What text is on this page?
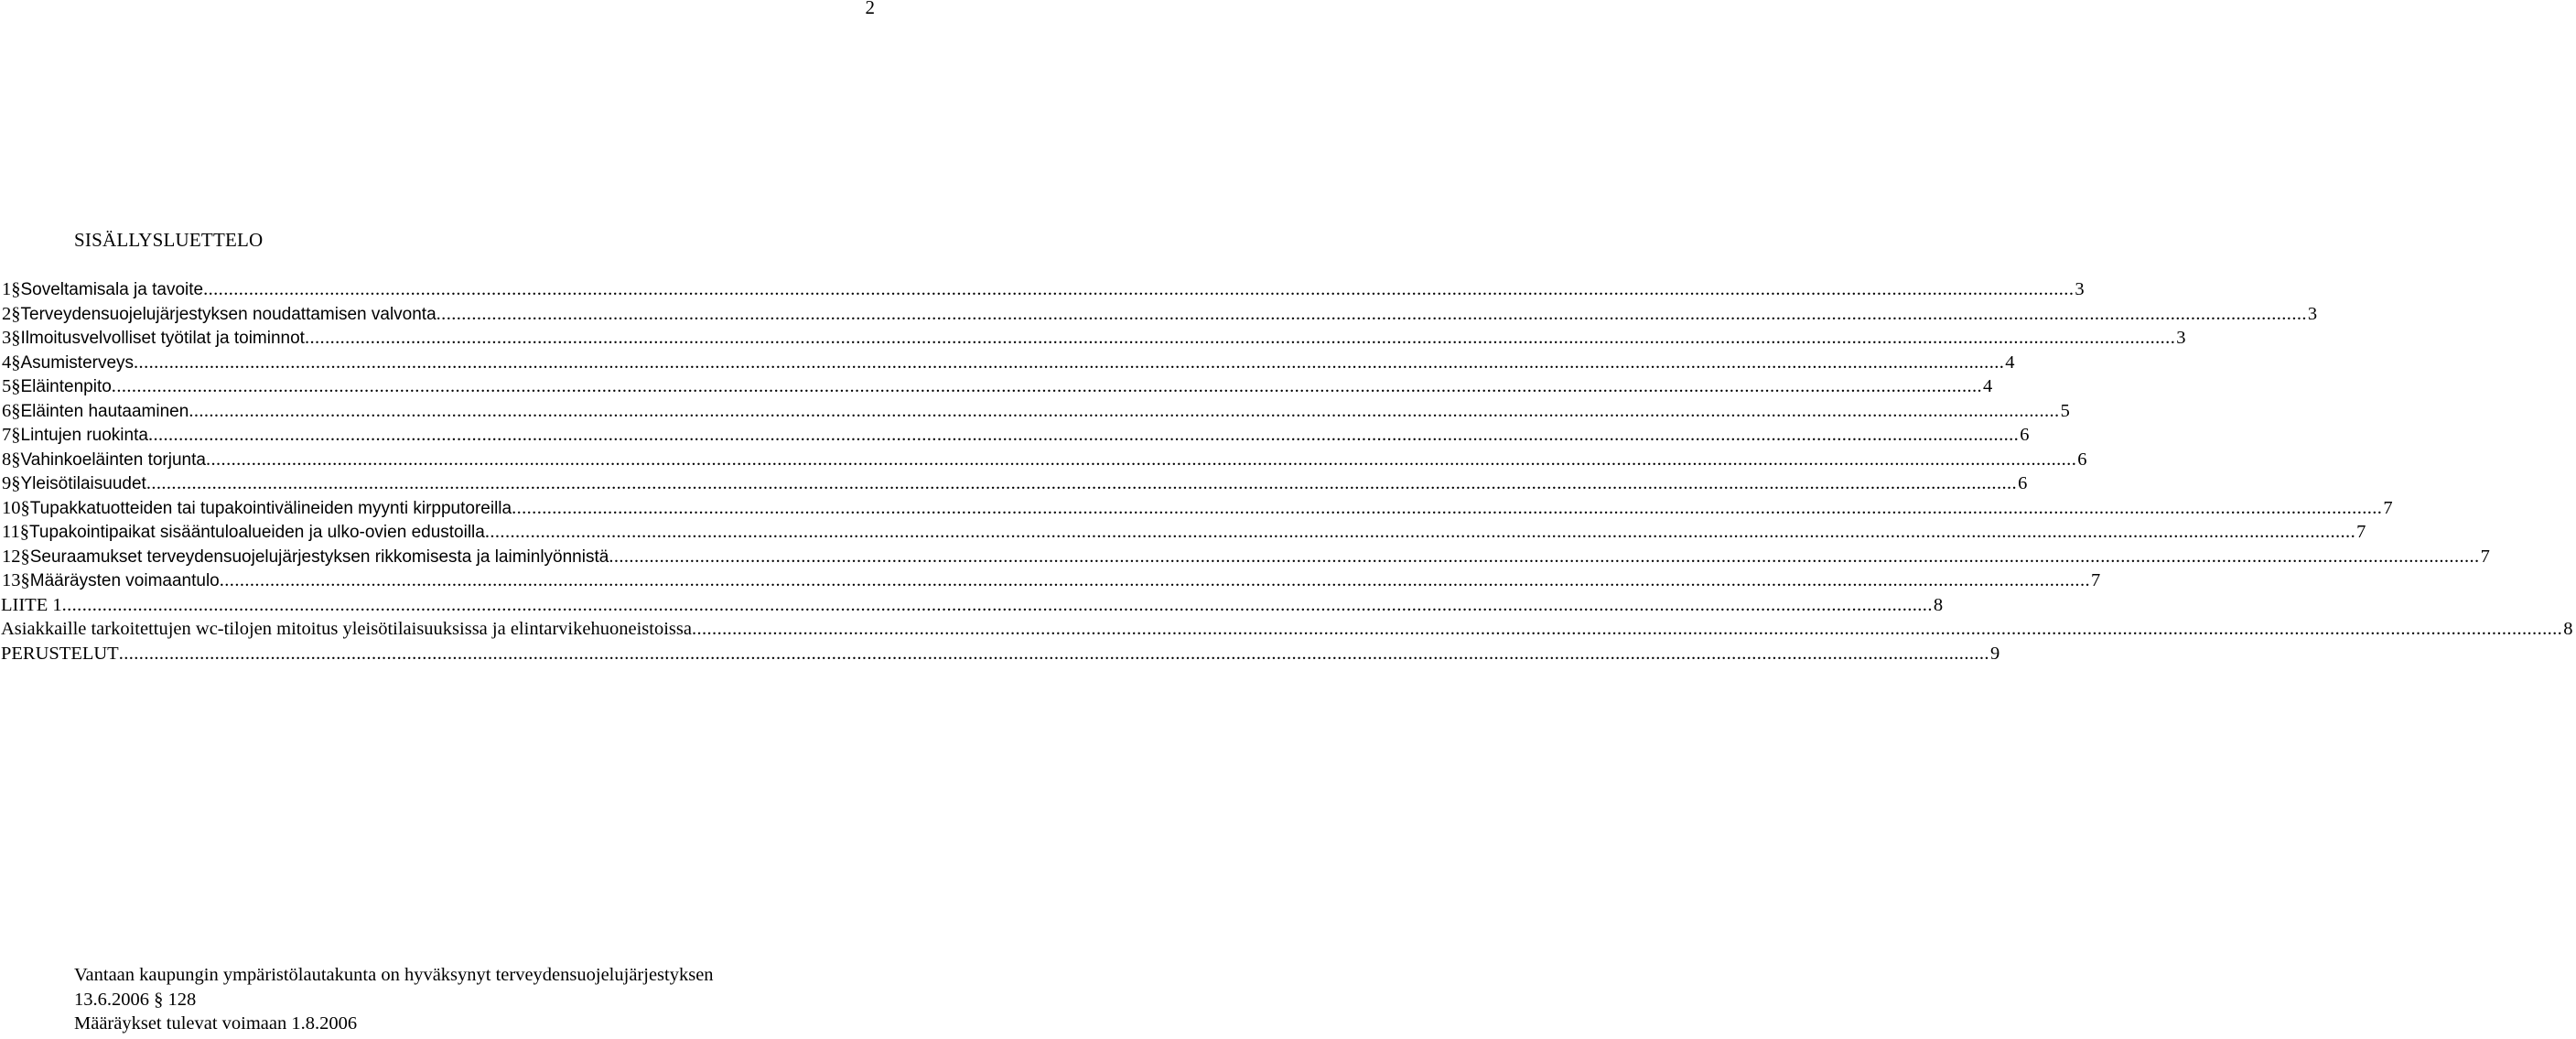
2
SISÄLLYSLUETTELO
1 § Soveltamisala ja tavoite .....	3
2 § Terveydensuojelujärjestyksen noudattamisen valvonta .....	3
3 § Ilmoitusvelvolliset työtilat ja toiminnot .....	3
4 § Asumisterveys .....	4
5 § Eläintenpito .....	4
6 § Eläinten hautaaminen .....	5
7 § Lintujen ruokinta .....	6
8 § Vahinkoeläinten torjunta .....	6
9 § Yleisötilaisuudet .....	6
10 § Tupakkatuotteiden tai tupakointivälineiden myynti kirpputoreilla .....	7
11 § Tupakointipaikat sisääntuloalueiden ja ulko-ovien edustoilla .....	7
12 § Seuraamukset terveydensuojelujärjestyksen rikkomisesta ja laiminlyönnistä .....	7
13 § Määräysten voimaantulo .....	7
LIITE 1 .....	8
Asiakkaille tarkoitettujen wc-tilojen mitoitus yleisötilaisuuksissa ja elintarvikehuoneistoissa .....	8
PERUSTELUT .....	9
Vantaan kaupungin ympäristölautakunta on hyväksynyt terveydensuojelujärjestyksen
13.6.2006 § 128
Määräykset tulevat voimaan 1.8.2006
